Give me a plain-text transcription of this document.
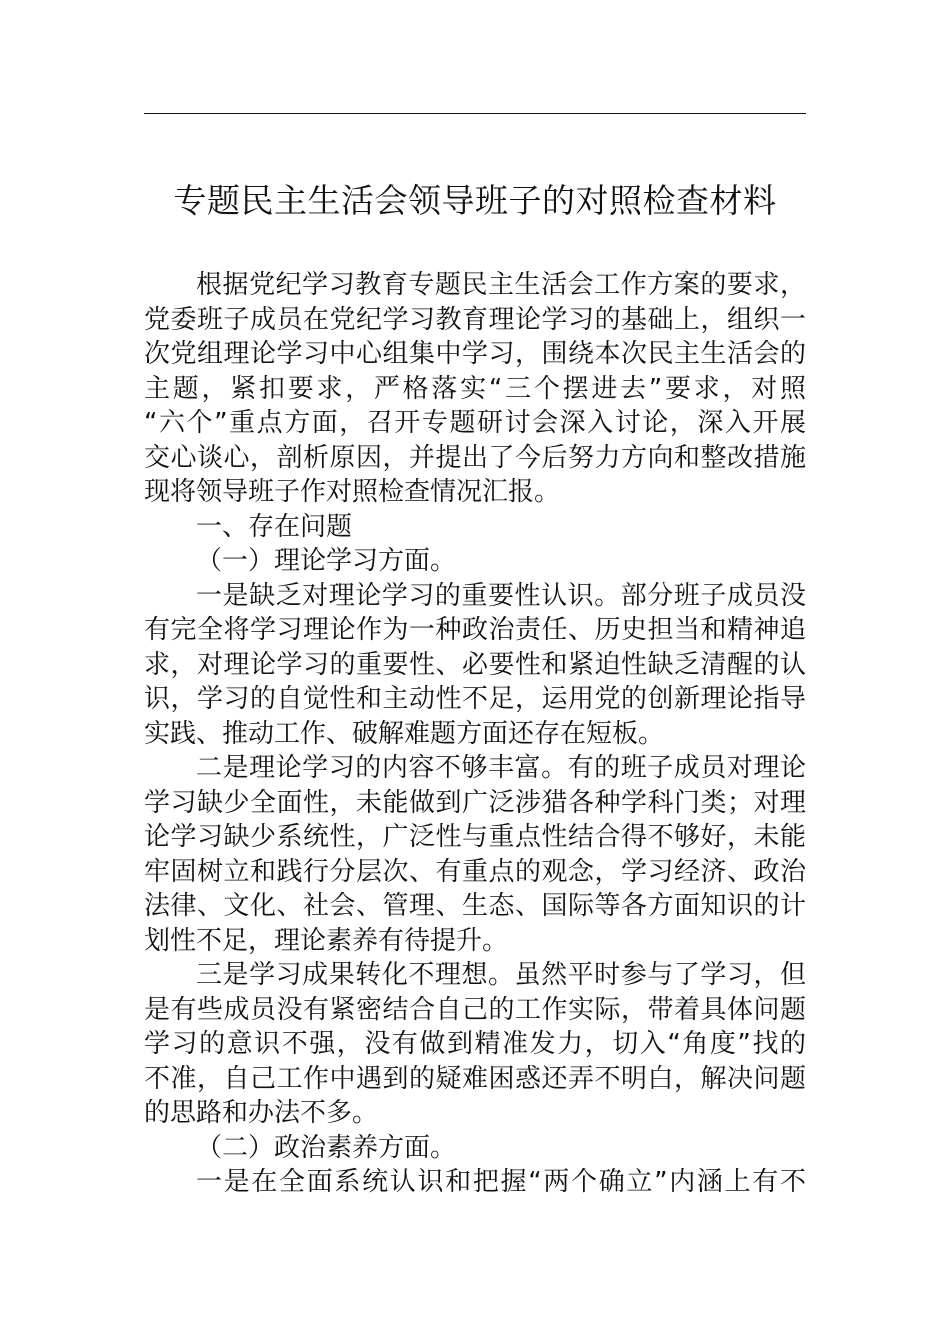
专题民主生活会领导班子的对照检查材料
根据党纪学习教育专题民主生活会工作方案的要求，
党委班子成员在党纪学习教育理论学习的基础上，组织一
次党组理论学习中心组集中学习，围绕本次民主生活会的
主题，紧扣要求，严格落实“三个摆进去”要求，对照
“六个”重点方面，召开专题研讨会深入讨论，深入开展
交心谈心，剖析原因，并提出了今后努力方向和整改措施
现将领导班子作对照检查情况汇报。
一、存在问题
（一）理论学习方面。
一是缺乏对理论学习的重要性认识。部分班子成员没
有完全将学习理论作为一种政治责任、历史担当和精神追
求，对理论学习的重要性、必要性和紧迫性缺乏清醒的认
识，学习的自觉性和主动性不足，运用党的创新理论指导
实践、推动工作、破解难题方面还存在短板。
二是理论学习的内容不够丰富。有的班子成员对理论
学习缺少全面性，未能做到广泛涉猎各种学科门类；对理
论学习缺少系统性，广泛性与重点性结合得不够好，未能
牢固树立和践行分层次、有重点的观念，学习经济、政治
法律、文化、社会、管理、生态、国际等各方面知识的计
划性不足，理论素养有待提升。
三是学习成果转化不理想。虽然平时参与了学习，但
是有些成员没有紧密结合自己的工作实际，带着具体问题
学习的意识不强，没有做到精准发力，切入“角度”找的
不准，自己工作中遇到的疑难困惑还弄不明白，解决问题
的思路和办法不多。
（二）政治素养方面。
一是在全面系统认识和把握“两个确立”内涵上有不
